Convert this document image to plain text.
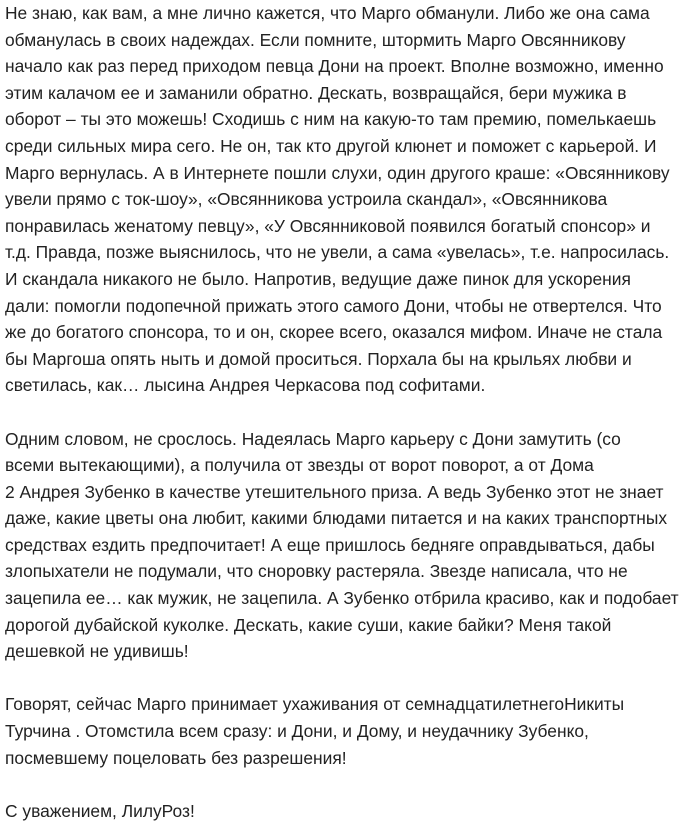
Не знаю, как вам, а мне лично кажется, что Марго обманули. Либо же она сама
обманулась в своих надеждах. Если помните, штормить Марго Овсянникову
начало как раз перед приходом певца Дони на проект. Вполне возможно, именно
этим калачом ее и заманили обратно. Деcкать, возвращайся, бери мужика в
оборот – ты это можешь! Сходишь с ним на какую-то там премию, помелькаешь
среди сильных мира сего. Не он, так кто другой клюнет и поможет с карьерой. И
Марго вернулась. А в Интернете пошли слухи, один другого краше: «Овсянникову
увели прямо с ток-шоу», «Овсянникова устроила скандал», «Овсянникова
понравилась женатому певцу», «У Овсянниковой появился богатый спонсор» и
т.д. Правда, позже выяснилось, что не увели, а сама «увелась», т.е. напросилась.
И скандала никакого не было. Напротив, ведущие даже пинок для ускорения
дали: помогли подопечной прижать этого самого Дони, чтобы не отвертелся. Что
же до богатого спонсора, то и он, скорее всего, оказался мифом. Иначе не стала
бы Маргоша опять ныть и домой проситься. Порхала бы на крыльях любви и
светилась, как… лысина Андрея Черкасова под софитами.

Одним словом, не срослось. Надеялась Марго карьеру с Дони замутить (со
всеми вытекающими), а получила от звезды от ворот поворот, а от Дома
2 Андрея Зубенко в качестве утешительного приза. А ведь Зубенко этот не знает
даже, какие цветы она любит, какими блюдами питается и на каких транспортных
средствах ездить предпочитает! А еще пришлось бедняге оправдываться, дабы
злопыхатели не подумали, что сноровку растеряла. Звезде написала, что не
зацепила ее… как мужик, не зацепила. А Зубенко отбрила красиво, как и подобает
дорогой дубайской куколке. Дескать, какие суши, какие байки? Меня такой
дешевкой не удивишь!

Говорят, сейчас Марго принимает ухаживания от семнадцатилетнегоНикиты
Турчина . Отомстила всем сразу: и Дони, и Дому, и неудачнику Зубенко,
посмевшему поцеловать без разрешения!

С уважением, ЛилуРоз!
